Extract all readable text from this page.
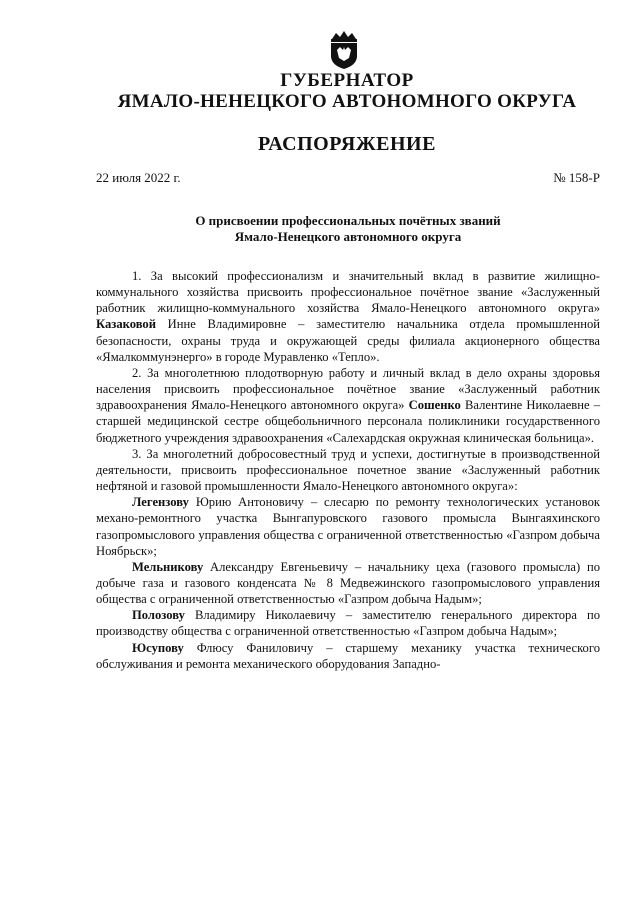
ГУБЕРНАТОР
ЯМАЛО-НЕНЕЦКОГО АВТОНОМНОГО ОКРУГА
РАСПОРЯЖЕНИЕ
22 июля 2022 г.	№ 158-Р
О присвоении профессиональных почётных званий
Ямало-Ненецкого автономного округа

1. За высокий профессионализм и значительный вклад в развитие жилищно-коммунального хозяйства присвоить профессиональное почётное звание «Заслуженный работник жилищно-коммунального хозяйства Ямало-Ненецкого автономного округа» Казаковой Инне Владимировне – заместителю начальника отдела промышленной безопасности, охраны труда и окружающей среды филиала акционерного общества «Ямалкоммунэнерго» в городе Муравленко «Тепло».

2. За многолетнюю плодотворную работу и личный вклад в дело охраны здоровья населения присвоить профессиональное почётное звание «Заслуженный работник здравоохранения Ямало-Ненецкого автономного округа» Сошенко Валентине Николаевне – старшей медицинской сестре общебольничного персонала поликлиники государственного бюджетного учреждения здравоохранения «Салехардская окружная клиническая больница».

3. За многолетний добросовестный труд и успехи, достигнутые в производственной деятельности, присвоить профессиональное почетное звание «Заслуженный работник нефтяной и газовой промышленности Ямало-Ненецкого автономного округа»:

Легензову Юрию Антоновичу – слесарю по ремонту технологических установок механо-ремонтного участка Вынгапуровского газового промысла Вынгаяхинского газопромыслового управления общества с ограниченной ответственностью «Газпром добыча Ноябрьск»;

Мельникову Александру Евгеньевичу – начальнику цеха (газового промысла) по добыче газа и газового конденсата № 8 Медвежинского газопромыслового управления общества с ограниченной ответственностью «Газпром добыча Надым»;

Полозову Владимиру Николаевичу – заместителю генерального директора по производству общества с ограниченной ответственностью «Газпром добыча Надым»;

Юсупову Флюсу Фаниловичу – старшему механику участка технического обслуживания и ремонта механического оборудования Западно-
